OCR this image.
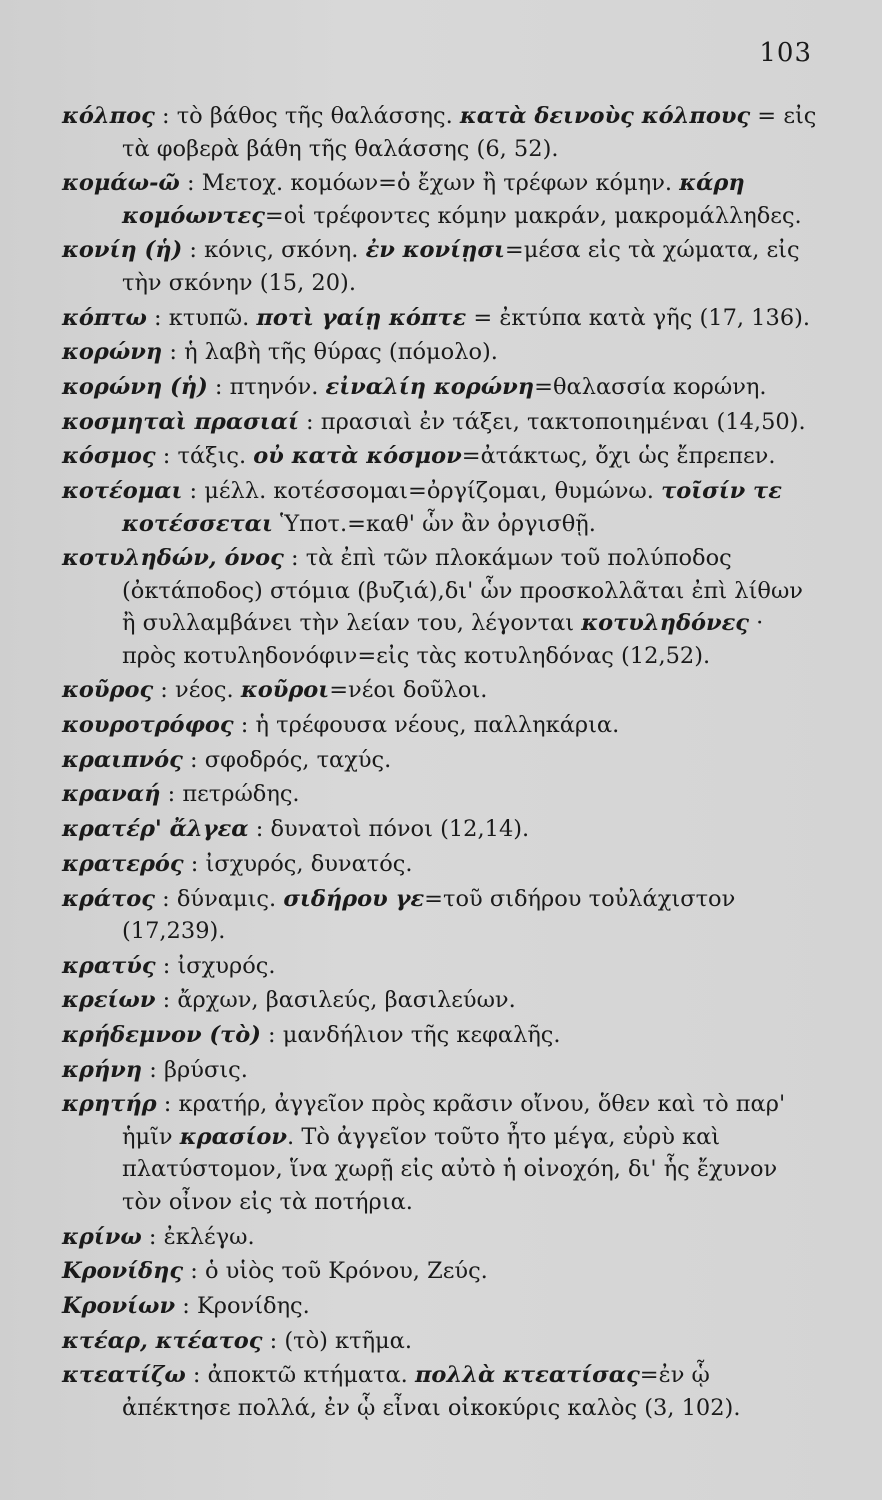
103

κόλπος : τὸ βάθος τῆς θαλάσσης. κατὰ δεινοὺς κόλπους = εἰς τὰ φοβερὰ βάθη τῆς θαλάσσης (6, 52).

κομάω-ῶ : Μετοχ. κομόων=ὁ ἔχων ἢ τρέφων κόμην. κάρη κομόωντες=οἱ τρέφοντες κόμην μακράν, μακρομάλληδες.

κονίη (ἡ) : κόνις, σκόνη. ἐν κονίῃσι=μέσα εἰς τὰ χώματα, εἰς τὴν σκόνην (15, 20).

κόπτω : κτυπῶ. ποτὶ γαίῃ κόπτε = ἐκτύπα κατὰ γῆς (17, 136).

κορώνη : ἡ λαβὴ τῆς θύρας (πόμολο).

κορώνη (ἡ) : πτηνόν. εἰναλίη κορώνη=θαλασσία κορώνη.

κοσμηταὶ πρασιαί : πρασιαὶ ἐν τάξει, τακτοποιημέναι (14,50).

κόσμος : τάξις. οὐ κατὰ κόσμον=ἀτάκτως, ὄχι ὡς ἔπρεπεν.

κοτέομαι : μέλλ. κοτέσσομαι=ὀργίζομαι, θυμώνω. τοῖσίν τε κοτέσσεται Ὑποτ.=καθ' ὧν ἂν ὀργισθῇ.

κοτυληδών, όνος : τὰ ἐπὶ τῶν πλοκάμων τοῦ πολύποδος (ὀκτάποδος) στόμια (βυζιά),δι' ὧν προσκολλᾶται ἐπὶ λίθων ἢ συλλαμβάνει τὴν λείαν του, λέγονται κοτυληδόνες · πρὸς κοτυληδονόφιν=εἰς τὰς κοτυληδόνας (12,52).

κοῦρος : νέος. κοῦροι=νέοι δοῦλοι.

κουροτρόφος : ἡ τρέφουσα νέους, παλληκάρια.

κραιπνός : σφοδρός, ταχύς.

κραναή : πετρώδης.

κρατέρ' ἄλγεα : δυνατοὶ πόνοι (12,14).

κρατερός : ἰσχυρός, δυνατός.

κράτος : δύναμις. σιδήρου γε=τοῦ σιδήρου τοὐλάχιστον (17,239).

κρατύς : ἰσχυρός.

κρείων : ἄρχων, βασιλεύς, βασιλεύων.

κρήδεμνον (τὸ) : μανδήλιον τῆς κεφαλῆς.

κρήνη : βρύσις.

κρητήρ : κρατήρ, ἀγγεῖον πρὸς κρᾶσιν οἴνου, ὅθεν καὶ τὸ παρ' ἡμῖν κρασίον. Τὸ ἀγγεῖον τοῦτο ἦτο μέγα, εὐρὺ καὶ πλατύστομον, ἵνα χωρῇ εἰς αὐτὸ ἡ οἰνοχόη, δι' ἧς ἔχυνον τὸν οἶνον εἰς τὰ ποτήρια.

κρίνω : ἐκλέγω.

Κρονίδης : ὁ υἱὸς τοῦ Κρόνου, Ζεύς.

Κρονίων : Κρονίδης.

κτέαρ, κτέατος : (τὸ) κτῆμα.

κτεατίζω : ἀποκτῶ κτήματα. πολλὰ κτεατίσας=ἐν ᾧ ἀπέκτησε πολλά, ἐν ᾧ εἶναι οἰκοκύρις καλὸς (3, 102).
